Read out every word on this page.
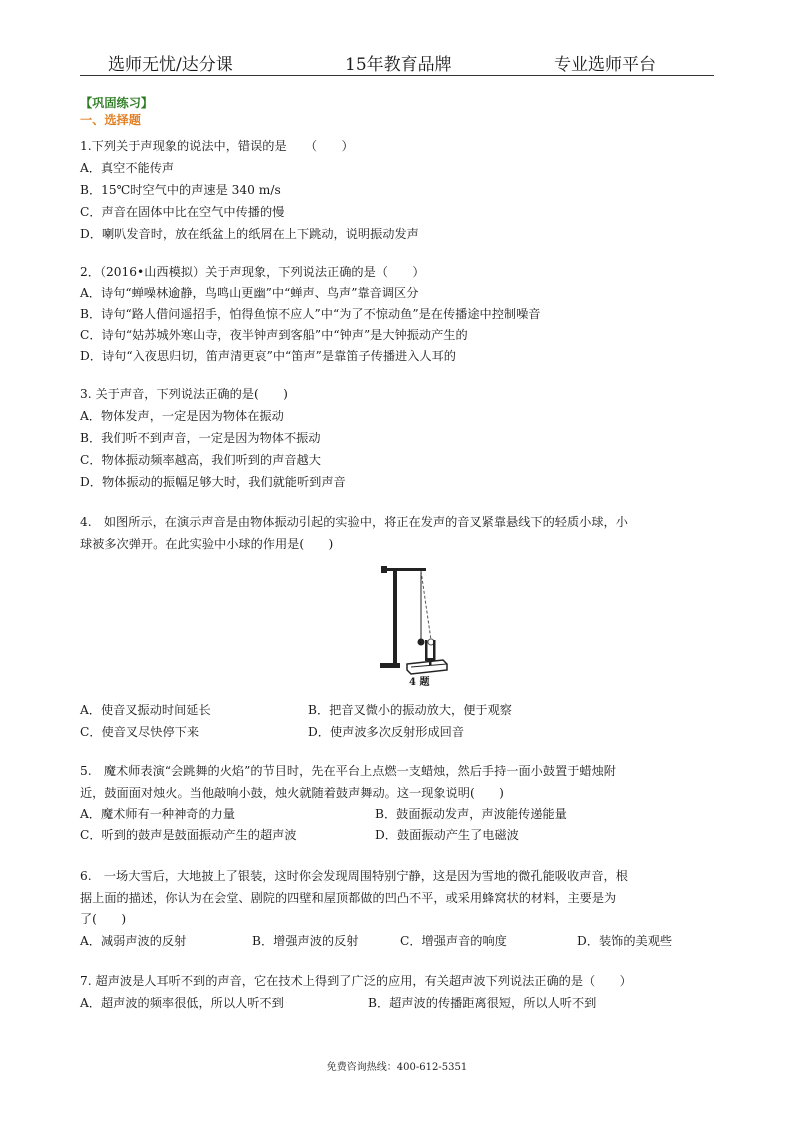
选师无忧/达分课	15年教育品牌	专业选师平台
【巩固练习】
一、选择题
1.下列关于声现象的说法中，错误的是　　（　　）
A．真空不能传声
B．15℃时空气中的声速是 340 m/s
C．声音在固体中比在空气中传播的慢
D．喇叭发音时，放在纸盆上的纸屑在上下跳动，说明振动发声
2．（2016•山西模拟）关于声现象，下列说法正确的是（　　）
A．诗句“蝉噪林逾静，鸟鸣山更幽”中“蝉声、鸟声”靠音调区分
B．诗句“路人借问遥招手，怕得鱼惊不应人”中“为了不惊动鱼”是在传播途中控制噪音
C．诗句“姑苏城外寒山寺，夜半钟声到客船”中“钟声”是大钟振动产生的
D．诗句“入夜思归切，笛声清更哀”中“笛声”是靠笛子传播进入人耳的
3. 关于声音，下列说法正确的是(　　)
A．物体发声，一定是因为物体在振动
B．我们听不到声音，一定是因为物体不振动
C．物体振动频率越高，我们听到的声音越大
D．物体振动的振幅足够大时，我们就能听到声音
4.　如图所示，在演示声音是由物体振动引起的实验中，将正在发声的音叉紧靠悬线下的轻质小球，小
球被多次弹开。在此实验中小球的作用是(　　)
A．使音叉振动时间延长	B．把音叉微小的振动放大，便于观察
C．使音叉尽快停下来	D．使声波多次反射形成回音
5.　魔术师表演“会跳舞的火焰”的节目时，先在平台上点燃一支蜡烛，然后手持一面小鼓置于蜡烛附
近，鼓面面对烛火。当他敲响小鼓，烛火就随着鼓声舞动。这一现象说明(　　)
A．魔术师有一种神奇的力量	B．鼓面振动发声，声波能传递能量
C．听到的鼓声是鼓面振动产生的超声波	D．鼓面振动产生了电磁波
6.　一场大雪后，大地披上了银装，这时你会发现周围特别宁静，这是因为雪地的微孔能吸收声音，根
据上面的描述，你认为在会堂、剧院的四壁和屋顶都做的凹凸不平，或采用蜂窝状的材料，主要是为
了(　　)
A．减弱声波的反射	B．增强声波的反射	C．增强声音的响度	D．装饰的美观些
7. 超声波是人耳听不到的声音，它在技术上得到了广泛的应用，有关超声波下列说法正确的是（　　）
A．超声波的频率很低，所以人听不到	B．超声波的传播距离很短，所以人听不到
4 题
免费咨询热线：400-612-5351
